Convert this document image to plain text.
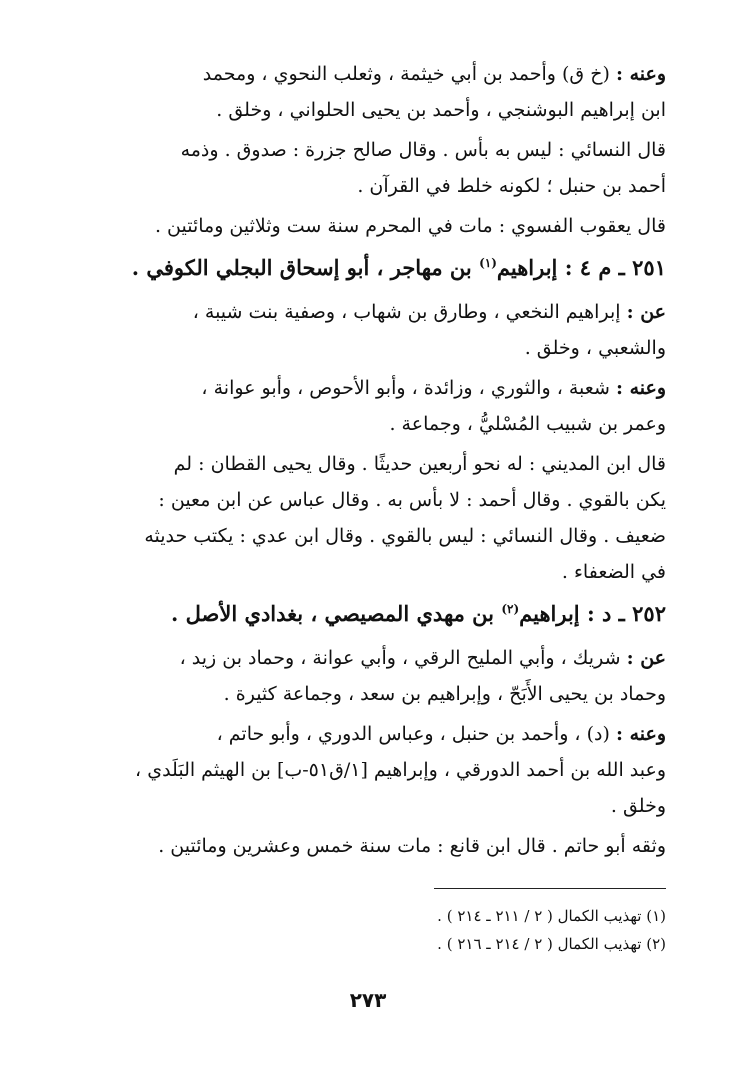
وعنه : (خ ق) وأحمد بن أبي خيثمة ، وثعلب النحوي ، ومحمد
ابن إبراهيم البوشنجي ، وأحمد بن يحيى الحلواني ، وخلق .
قال النسائي : ليس به بأس . وقال صالح جزرة : صدوق . وذمه
أحمد بن حنبل ؛ لكونه خلط في القرآن .
قال يعقوب الفسوي : مات في المحرم سنة ست وثلاثين ومائتين .
٢٥١ ـ م ٤ : إبراهيم$^{(١)}$ بن مهاجر ، أبو إسحاق البجلي الكوفي .
عن : إبراهيم النخعي ، وطارق بن شهاب ، وصفية بنت شيبة ،
والشعبي ، وخلق .
وعنه : شعبة ، والثوري ، وزائدة ، وأبو الأحوص ، وأبو عوانة ،
وعمر بن شبيب المُسْليُّ ، وجماعة .
قال ابن المديني : له نحو أربعين حديثًا . وقال يحيى القطان : لم
يكن بالقوي . وقال أحمد : لا بأس به . وقال عباس عن ابن معين :
ضعيف . وقال النسائي : ليس بالقوي . وقال ابن عدي : يكتب حديثه
في الضعفاء .
٢٥٢ ـ د : إبراهيم$^{(٢)}$ بن مهدي المصيصي ، بغدادي الأصل .
عن : شريك ، وأبي المليح الرقي ، وأبي عوانة ، وحماد بن زيد ،
وحماد بن يحيى الأَبَحّ ، وإبراهيم بن سعد ، وجماعة كثيرة .
وعنه : (د) ، وأحمد بن حنبل ، وعباس الدوري ، وأبو حاتم ،
وعبد الله بن أحمد الدورقي ، وإبراهيم [١/ق٥١-ب] بن الهيثم البَلَدي ،
وخلق .
وثقه أبو حاتم . قال ابن قانع : مات سنة خمس وعشرين ومائتين .
(١) تهذيب الكمال ( ٢ / ٢١١ ـ ٢١٤ ) .
(٢) تهذيب الكمال ( ٢ / ٢١٤ ـ ٢١٦ ) .
٢٧٣
